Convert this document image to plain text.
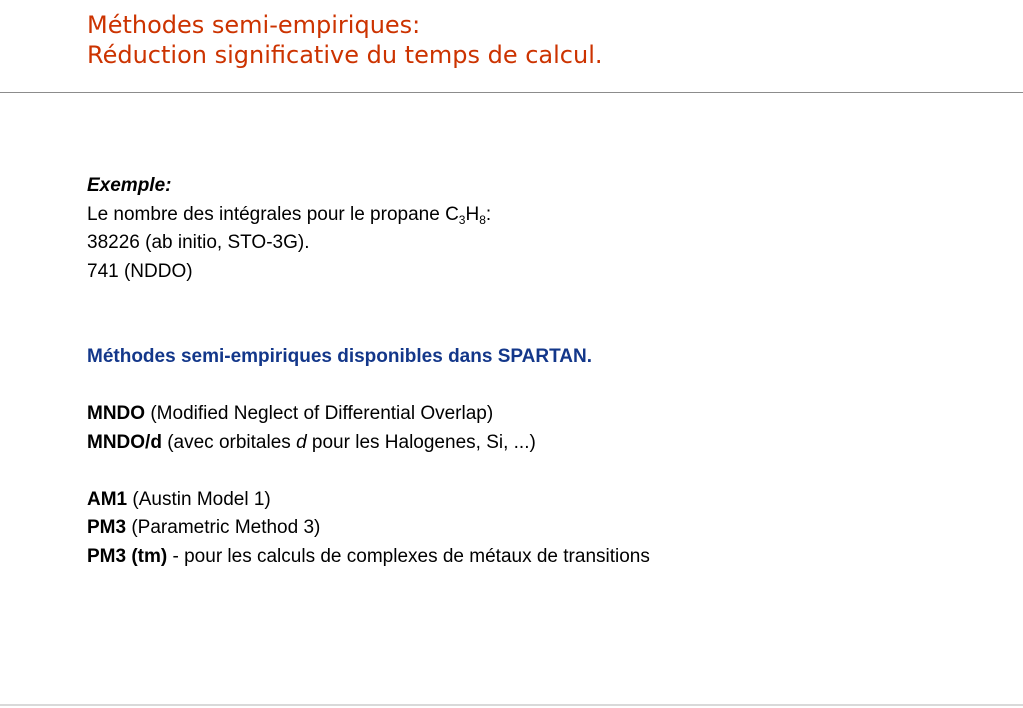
Méthodes semi-empiriques:
Réduction significative du temps de calcul.
Exemple:
Le nombre des intégrales pour le propane $C_3H_8$:
38226 (ab initio, STO-3G).
741 (NDDO)
Méthodes semi-empiriques disponibles dans SPARTAN.
MNDO (Modified Neglect of Differential Overlap)
MNDO/d (avec orbitales d pour les Halogenes, Si, ...)
AM1 (Austin Model 1)
PM3 (Parametric Method 3)
PM3 (tm) - pour les calculs de complexes de métaux de transitions
